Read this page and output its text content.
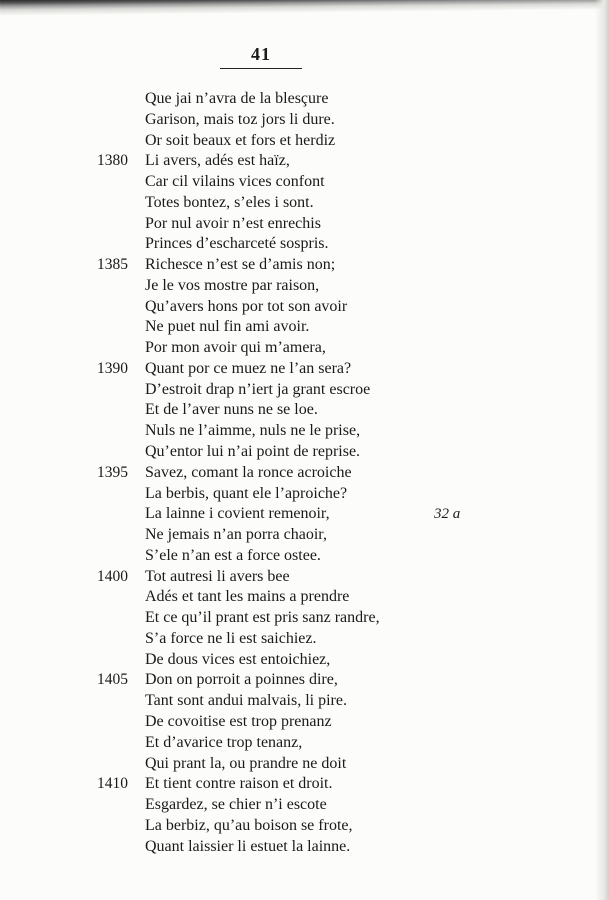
41
Que jai n’avra de la blesçure
Garison, mais toz jors li dure.
Or soit beaux et fors et herdiz
1380	Li avers, adés est haïz,
Car cil vilains vices confont
Totes bontez, s’eles i sont.
Por nul avoir n’est enrechis
Princes d’escharceté sospris.
1385	Richesce n’est se d’amis non;
Je le vos mostre par raison,
Qu’avers hons por tot son avoir
Ne puet nul fin ami avoir.
Por mon avoir qui m’amera,
1390	Quant por ce muez ne l’an sera?
D’estroit drap n’iert ja grant escroe
Et de l’aver nuns ne se loe.
Nuls ne l’aimme, nuls ne le prise,
Qu’entor lui n’ai point de reprise.
1395	Savez, comant la ronce acroiche
La berbis, quant ele l’aproiche?
La lainne i covient remenoir,	32 a
Ne jemais n’an porra chaoir,
S’ele n’an est a force ostee.
1400	Tot autresi li avers bee
Adés et tant les mains a prendre
Et ce qu’il prant est pris sanz randre,
S’a force ne li est saichiez.
De dous vices est entoichiez,
1405	Don on porroit a poinnes dire,
Tant sont andui malvais, li pire.
De covoitise est trop prenanz
Et d’avarice trop tenanz,
Qui prant la, ou prandre ne doit
1410	Et tient contre raison et droit.
Esgardez, se chier n’i escote
La berbiz, qu’au boison se frote,
Quant laissier li estuet la lainne.
